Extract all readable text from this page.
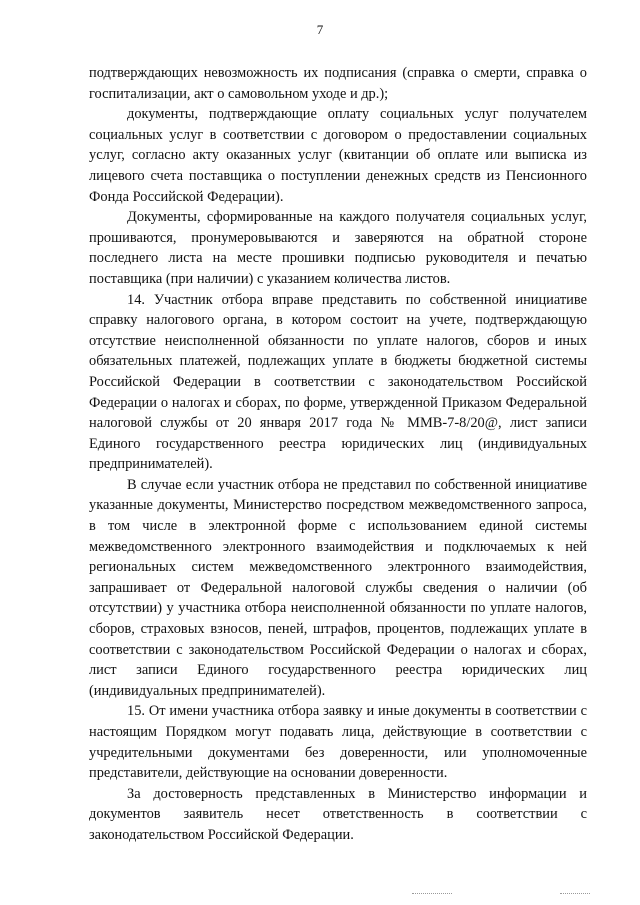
7

подтверждающих невозможность их подписания (справка о смерти, справка о госпитализации, акт о самовольном уходе и др.);

документы, подтверждающие оплату социальных услуг получателем социальных услуг в соответствии с договором о предоставлении социальных услуг, согласно акту оказанных услуг (квитанции об оплате или выписка из лицевого счета поставщика о поступлении денежных средств из Пенсионного Фонда Российской Федерации).

Документы, сформированные на каждого получателя социальных услуг, прошиваются, пронумеровываются и заверяются на обратной стороне последнего листа на месте прошивки подписью руководителя и печатью поставщика (при наличии) с указанием количества листов.

14. Участник отбора вправе представить по собственной инициативе справку налогового органа, в котором состоит на учете, подтверждающую отсутствие неисполненной обязанности по уплате налогов, сборов и иных обязательных платежей, подлежащих уплате в бюджеты бюджетной системы Российской Федерации в соответствии с законодательством Российской Федерации о налогах и сборах, по форме, утвержденной Приказом Федеральной налоговой службы от 20 января 2017 года № ММВ-7-8/20@, лист записи Единого государственного реестра юридических лиц (индивидуальных предпринимателей).

В случае если участник отбора не представил по собственной инициативе указанные документы, Министерство посредством межведомственного запроса, в том числе в электронной форме с использованием единой системы межведомственного электронного взаимодействия и подключаемых к ней региональных систем межведомственного электронного взаимодействия, запрашивает от Федеральной налоговой службы сведения о наличии (об отсутствии) у участника отбора неисполненной обязанности по уплате налогов, сборов, страховых взносов, пеней, штрафов, процентов, подлежащих уплате в соответствии с законодательством Российской Федерации о налогах и сборах, лист записи Единого государственного реестра юридических лиц (индивидуальных предпринимателей).

15. От имени участника отбора заявку и иные документы в соответствии с настоящим Порядком могут подавать лица, действующие в соответствии с учредительными документами без доверенности, или уполномоченные представители, действующие на основании доверенности.

За достоверность представленных в Министерство информации и документов заявитель несет ответственность в соответствии с законодательством Российской Федерации.
